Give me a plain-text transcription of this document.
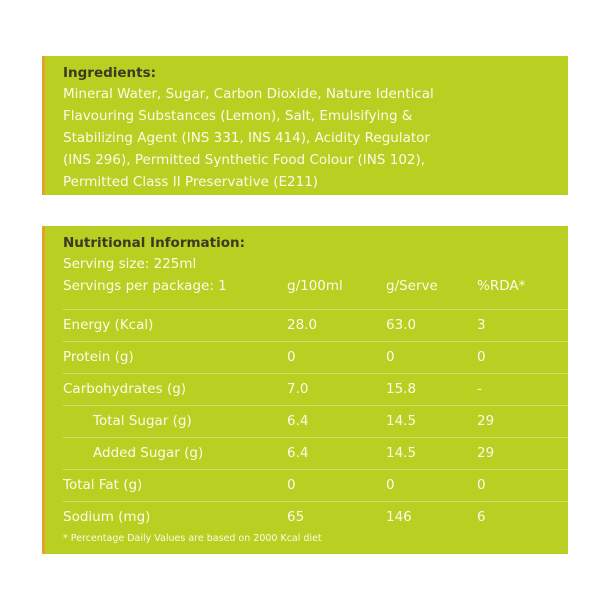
Ingredients:
Mineral Water, Sugar, Carbon Dioxide, Nature Identical
Flavouring Substances (Lemon), Salt, Emulsifying &
Stabilizing Agent (INS 331, INS 414), Acidity Regulator
(INS 296), Permitted Synthetic Food Colour (INS 102),
Permitted Class II Preservative (E211)
Nutritional Information:
Serving size: 225ml
Servings per package: 1	g/100ml	g/Serve	%RDA*
Energy (Kcal)	28.0	63.0	3
Protein (g)	0	0	0
Carbohydrates (g)	7.0	15.8	-
Total Sugar (g)	6.4	14.5	29
Added Sugar (g)	6.4	14.5	29
Total Fat (g)	0	0	0
Sodium (mg)	65	146	6
* Percentage Daily Values are based on 2000 Kcal diet
